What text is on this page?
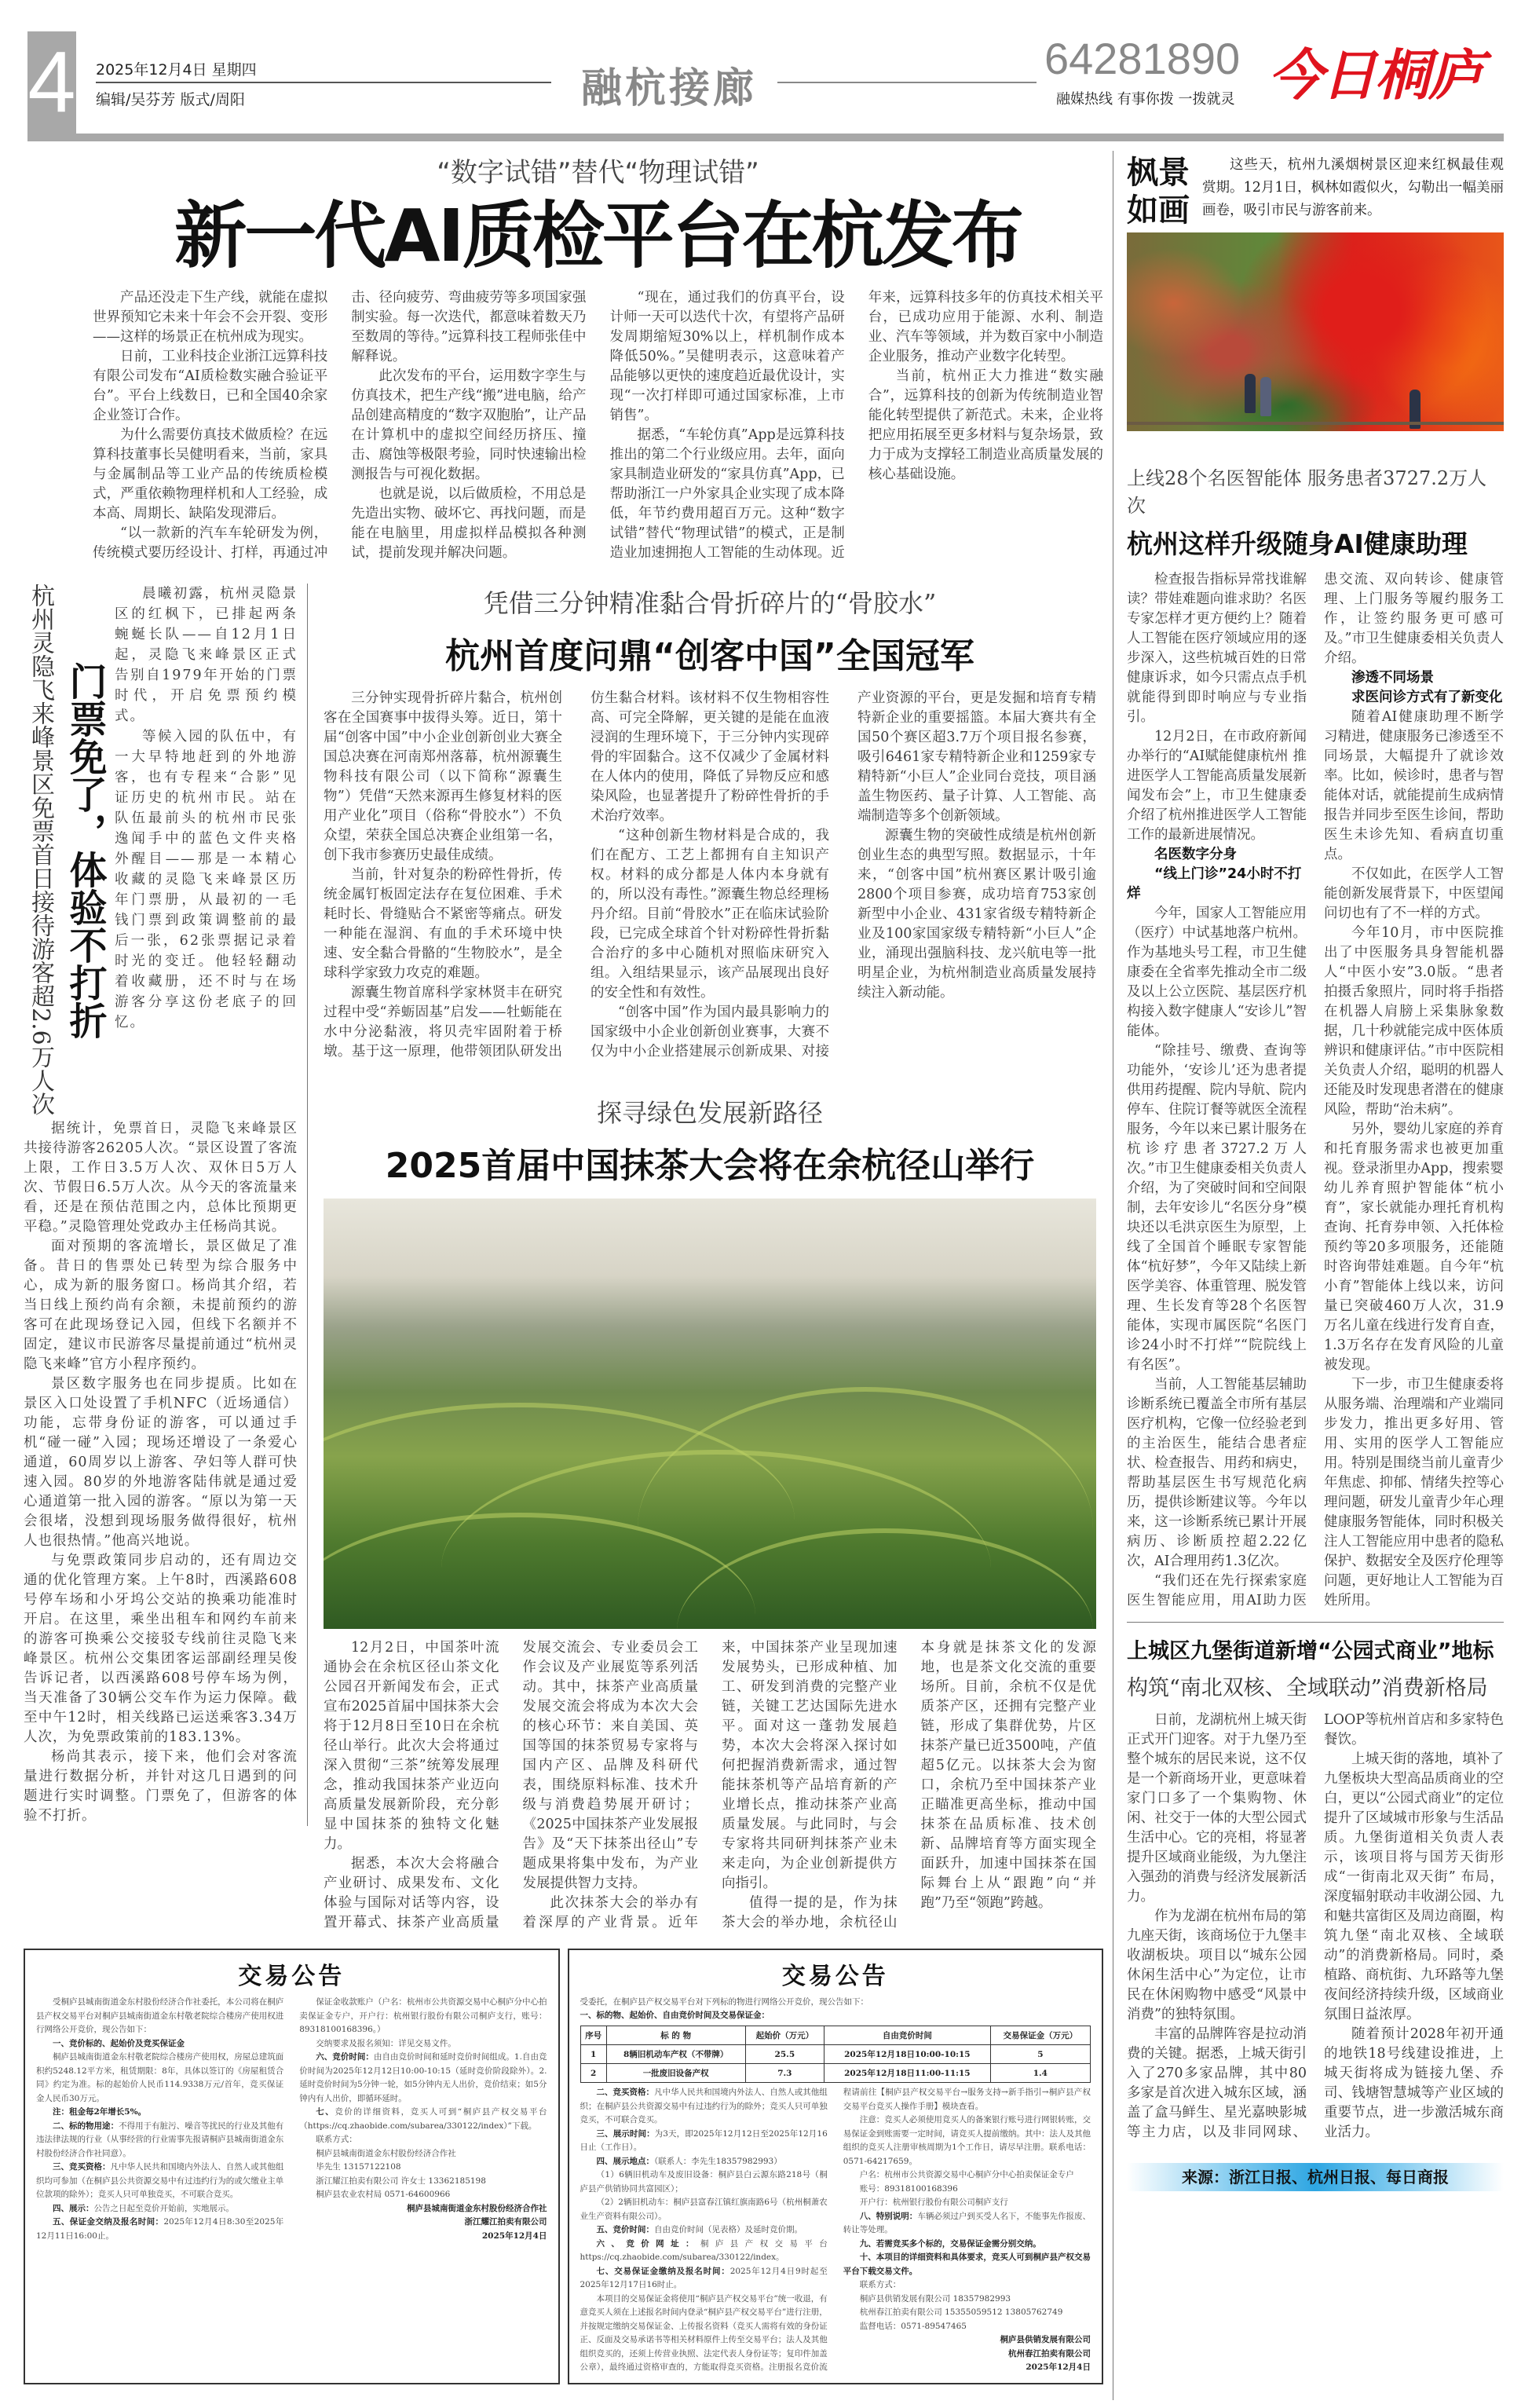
4 2025年12月4日 星期四
编辑/吴芬芳 版式/周阳	融杭接廊
64281890
融媒热线 有事你拨 一拨就灵 今日桐庐
“数字试错”替代“物理试错”
新一代AI质检平台在杭发布

产品还没走下生产线，就能在虚拟世界预知它未来十年会不会开裂、变形——这样的场景正在杭州成为现实。

日前，工业科技企业浙江远算科技有限公司发布“AI质检数实融合验证平台”。平台上线数日，已和全国40余家企业签订合作。

为什么需要仿真技术做质检？在远算科技董事长吴健明看来，当前，家具与金属制品等工业产品的传统质检模式，严重依赖物理样机和人工经验，成本高、周期长、缺陷发现滞后。

“以一款新的汽车车轮研发为例，传统模式要历经设计、打样，再通过冲击、径向疲劳、弯曲疲劳等多项国家强制实验。每一次迭代，都意味着数天乃至数周的等待。”远算科技工程师张佳中解释说。

此次发布的平台，运用数字孪生与仿真技术，把生产线“搬”进电脑，给产品创建高精度的“数字双胞胎”，让产品在计算机中的虚拟空间经历挤压、撞击、腐蚀等极限考验，同时快速输出检测报告与可视化数据。

也就是说，以后做质检，不用总是先造出实物、破坏它、再找问题，而是能在电脑里，用虚拟样品模拟各种测试，提前发现并解决问题。

“现在，通过我们的仿真平台，设计师一天可以迭代十次，有望将产品研发周期缩短30%以上，样机制作成本降低50%。”吴健明表示，这意味着产品能够以更快的速度趋近最优设计，实现“一次打样即可通过国家标准，上市销售”。

据悉，“车轮仿真”App是远算科技推出的第二个行业级应用。去年，面向家具制造业研发的“家具仿真”App，已帮助浙江一户外家具企业实现了成本降低，年节约费用超百万元。这种“数字试错”替代“物理试错”的模式，正是制造业加速拥抱人工智能的生动体现。近年来，远算科技多年的仿真技术相关平台，已成功应用于能源、水利、制造业、汽车等领域，并为数百家中小制造企业服务，推动产业数字化转型。

当前，杭州正大力推进“数实融合”，远算科技的创新为传统制造业智能化转型提供了新范式。未来，企业将把应用拓展至更多材料与复杂场景，致力于成为支撑轻工制造业高质量发展的核心基础设施。

杭州灵隐飞来峰景区免票首日接待游客超2.6万人次 门票免了，体验不打折

晨曦初露，杭州灵隐景区的红枫下，已排起两条蜿蜒长队——自12月1日起，灵隐飞来峰景区正式告别自1979年开始的门票时代，开启免票预约模式。

等候入园的队伍中，有一大早特地赶到的外地游客，也有专程来“合影”见证历史的杭州市民。站在队伍最前头的杭州市民张逸闻手中的蓝色文件夹格外醒目——那是一本精心收藏的灵隐飞来峰景区历年门票册，从最初的一毛钱门票到政策调整前的最后一张，62张票据记录着时光的变迁。他轻轻翻动着收藏册，还不时与在场游客分享这份老底子的回忆。

据统计，免票首日，灵隐飞来峰景区共接待游客26205人次。“景区设置了客流上限，工作日3.5万人次、双休日5万人次、节假日6.5万人次。从今天的客流量来看，还是在预估范围之内，总体比预期更平稳。”灵隐管理处党政办主任杨尚其说。

面对预期的客流增长，景区做足了准备。昔日的售票处已转型为综合服务中心，成为新的服务窗口。杨尚其介绍，若当日线上预约尚有余额，未提前预约的游客可在此现场登记入园，但线下名额并不固定，建议市民游客尽量提前通过“杭州灵隐飞来峰”官方小程序预约。

景区数字服务也在同步提质。比如在景区入口处设置了手机NFC（近场通信）功能，忘带身份证的游客，可以通过手机“碰一碰”入园；现场还增设了一条爱心通道，60周岁以上游客、孕妇等人群可快速入园。80岁的外地游客陆伟就是通过爱心通道第一批入园的游客。“原以为第一天会很堵，没想到现场服务做得很好，杭州人也很热情。”他高兴地说。

与免票政策同步启动的，还有周边交通的优化管理方案。上午8时，西溪路608号停车场和小牙坞公交站的换乘功能准时开启。在这里，乘坐出租车和网约车前来的游客可换乘公交接驳专线前往灵隐飞来峰景区。杭州公交集团客运部副经理吴俊告诉记者，以西溪路608号停车场为例，当天准备了30辆公交车作为运力保障。截至中午12时，相关线路已运送乘客3.34万人次，为免票政策前的183.13%。

杨尚其表示，接下来，他们会对客流量进行数据分析，并针对这几日遇到的问题进行实时调整。门票免了，但游客的体验不打折。

凭借三分钟精准黏合骨折碎片的“骨胶水”
杭州首度问鼎“创客中国”全国冠军

三分钟实现骨折碎片黏合，杭州创客在全国赛事中拔得头筹。近日，第十届“创客中国”中小企业创新创业大赛全国总决赛在河南郑州落幕，杭州源囊生物科技有限公司（以下简称“源囊生物”）凭借“天然来源再生修复材料的医用产业化”项目（俗称“骨胶水”）不负众望，荣获全国总决赛企业组第一名，创下我市参赛历史最佳成绩。

当前，针对复杂的粉碎性骨折，传统金属钉板固定法存在复位困难、手术耗时长、骨缝贴合不紧密等痛点。研发一种能在湿润、有血的手术环境中快速、安全黏合骨骼的“生物胶水”，是全球科学家致力攻克的难题。

源囊生物首席科学家林贤丰在研究过程中受“养蛎固基”启发——牡蛎能在水中分泌黏液，将贝壳牢固附着于桥墩。基于这一原理，他带领团队研发出仿生黏合材料。该材料不仅生物相容性高、可完全降解，更关键的是能在血液浸润的生理环境下，于三分钟内实现碎骨的牢固黏合。这不仅减少了金属材料在人体内的使用，降低了异物反应和感染风险，也显著提升了粉碎性骨折的手术治疗效率。

“这种创新生物材料是合成的，我们在配方、工艺上都拥有自主知识产权。材料的成分都是人体内本身就有的，所以没有毒性。”源囊生物总经理杨丹介绍。目前“骨胶水”正在临床试验阶段，已完成全球首个针对粉碎性骨折黏合治疗的多中心随机对照临床研究入组。入组结果显示，该产品展现出良好的安全性和有效性。

“创客中国”作为国内最具影响力的国家级中小企业创新创业赛事，大赛不仅为中小企业搭建展示创新成果、对接产业资源的平台，更是发掘和培育专精特新企业的重要摇篮。本届大赛共有全国50个赛区超3.7万个项目报名参赛，吸引6461家专精特新企业和1259家专精特新“小巨人”企业同台竞技，项目涵盖生物医药、量子计算、人工智能、高端制造等多个创新领域。

源囊生物的突破性成绩是杭州创新创业生态的典型写照。数据显示，十年来，“创客中国”杭州赛区累计吸引逾2800个项目参赛，成功培育753家创新型中小企业、431家省级专精特新企业及100家国家级专精特新“小巨人”企业，涌现出强脑科技、龙兴航电等一批明星企业，为杭州制造业高质量发展持续注入新动能。

探寻绿色发展新路径
2025首届中国抹茶大会将在余杭径山举行

12月2日，中国茶叶流通协会在余杭区径山茶文化公园召开新闻发布会，正式宣布2025首届中国抹茶大会将于12月8日至10日在余杭径山举行。此次大会将通过深入贯彻“三茶”统筹发展理念，推动我国抹茶产业迈向高质量发展新阶段，充分彰显中国抹茶的独特文化魅力。

据悉，本次大会将融合产业研讨、成果发布、文化体验与国际对话等内容，设置开幕式、抹茶产业高质量发展交流会、专业委员会工作会议及产业展览等系列活动。其中，抹茶产业高质量发展交流会将成为本次大会的核心环节：来自美国、英国等国的抹茶贸易专家将与国内产区、品牌及科研代表，围绕原料标准、技术升级与消费趋势展开研讨；《2025中国抹茶产业发展报告》及“天下抹茶出径山”专题成果将集中发布，为产业发展提供智力支持。

此次抹茶大会的举办有着深厚的产业背景。近年来，中国抹茶产业呈现加速发展势头，已形成种植、加工、研发到消费的完整产业链，关键工艺达国际先进水平。面对这一蓬勃发展趋势，本次大会将深入探讨如何把握消费新需求，通过智能抹茶机等产品培育新的产业增长点，推动抹茶产业高质量发展。与此同时，与会专家将共同研判抹茶产业未来走向，为企业创新提供方向指引。

值得一提的是，作为抹茶大会的举办地，余杭径山本身就是抹茶文化的发源地，也是茶文化交流的重要场所。目前，余杭不仅是优质茶产区，还拥有完整产业链，形成了集群优势，片区抹茶产量已近3500吨，产值超5亿元。以抹茶大会为窗口，余杭乃至中国抹茶产业正瞄准更高坐标，推动中国抹茶在品质标准、技术创新、品牌培育等方面实现全面跃升，加速中国抹茶在国际舞台上从“跟跑”向“并跑”乃至“领跑”跨越。

交易公告

受桐庐县城南街道金东村股份经济合作社委托，本公司将在桐庐县产权交易平台对桐庐县城南街道金东村敬老院综合楼房产使用权进行网络公开竞价，现公告如下：

一、竞价标的、起始价及竞买保证金

桐庐县城南街道金东村敬老院综合楼房产使用权，房屋总建筑面积约5248.12平方米，租赁期限：8年，具体以签订的《房屋租赁合同》约定为准。标的起始价人民币114.9338万元/首年，竞买保证金人民币30万元。

注：租金每2年增长5%。

二、标的物用途：不得用于有脏污、噪音等扰民的行业及其他有违法律法规的行业（从事经营的行业需事先报请桐庐县城南街道金东村股份经济合作社同意）。

三、竞买资格：凡中华人民共和国境内外法人、自然人或其他组织均可参加（在桐庐县公共资源交易中有过违约行为的或欠缴业主单位款项的除外）；竞买人只可单独竞买，不可联合竞买。

四、展示：公告之日起至竞价开始前，实地展示。

五、保证金交纳及报名时间：2025年12月4日8:30至2025年12月11日16:00止。

保证金收款账户（户名：杭州市公共资源交易中心桐庐分中心拍卖保证金专户，开户行：杭州银行股份有限公司桐庐支行，账号：89318100168396。）

交纳要求及报名须知：详见交易文件。

六、竞价时间：由自由竞价时间和延时竞价时间组成。1.自由竞价时间为2025年12月12日10:00-10:15（延时竞价阶段除外）。2.延时竞价时间为5分钟一轮，如5分钟内无人出价，竞价结束；如5分钟内有人出价，即循环延时。

七、竞价的详细资料，竞买人可到“桐庐县产权交易平台（https://cq.zhaobide.com/subarea/330122/index）”下载。

联系方式：

桐庐县城南街道金东村股份经济合作社

毕先生 13157122108

浙江耀江拍卖有限公司 许女士 13362185198

桐庐县农业农村局 0571-64600966

桐庐县城南街道金东村股份经济合作社

浙江耀江拍卖有限公司

2025年12月4日

交易公告

受委托，在桐庐县产权交易平台对下列标的物进行网络公开竞价，现公告如下：

一、标的物、起始价、自由竞价时间及交易保证金：

序号	标 的 物	起始价（万元）	自由竞价时间	交易保证金（万元）
1	8辆旧机动车产权（不带牌）	25.5	2025年12月18日10:00-10:15	5
2	一批废旧设备产权	7.3	2025年12月18日11:00-11:15	1.4

二、竞买资格：凡中华人民共和国境内外法人、自然人或其他组织；在桐庐县公共资源交易中有过违约行为的除外；竞买人只可单独竞买，不可联合竞买。

三、展示时间：为3天，即2025年12月12日至2025年12月16日止（工作日）。

四、展示地点：（联系人：李先生18357982993）

（1）6辆旧机动车及废旧设备：桐庐县白云源东路218号（桐庐县产供销协同共富园区）；

（2）2辆旧机动车：桐庐县富春江镇红旗南路6号（杭州桐萧农业生产资料有限公司）。

五、竞价时间：自由竞价时间（见表格）及延时竞价期。

六、竞价网址：桐庐县产权交易平台https://cq.zhaobide.com/subarea/330122/index。

七、交易保证金缴纳及报名时间：2025年12月4日9时起至2025年12月17日16时止。

本项目的交易保证金将使用“桐庐县产权交易平台”统一收退，有意竞买人须在上述报名时间内登录“桐庐县产权交易平台”进行注册，并按规定缴纳交易保证金、上传报名资料（竞买人需将有效的身份证正、反面及交易承诺书等相关材料原件上传至交易平台；法人及其他组织竞买的，还须上传营业执照、法定代表人身份证等；复印件加盖公章），最终通过资格审查的，方能取得竞买资格。注册报名竞价流程请前往【桐庐县产权交易平台→服务支持→新手指引→桐庐县产权交易平台竞买人操作手册】模块查看。

注意：竞买人必须使用竞买人的备案银行账号进行网银转账，交易保证金到账需要一定时间，请竞买人提前缴纳。其中：法人及其他组织的竞买人注册审核周期为1个工作日，请尽早注册。联系电话：0571-64217659。

户名：杭州市公共资源交易中心桐庐分中心拍卖保证金专户

账号：89318100168396

开户行：杭州银行股份有限公司桐庐支行

八、特别说明：车辆必须过户到买受人名下，不能事先作报废、转让等处理。

九、若需竞买多个标的，交易保证金需分别交纳。

十、本项目的详细资料和具体要求，竞买人可到桐庐县产权交易平台下载交易文件。

联系方式：

桐庐县供销发展有限公司 18357982993

杭州春江拍卖有限公司 15355059512 13805762749

监督电话：0571-89547465

桐庐县供销发展有限公司

杭州春江拍卖有限公司

2025年12月4日

枫景如画
这些天，杭州九溪烟树景区迎来红枫最佳观赏期。12月1日，枫林如霞似火，勾勒出一幅美丽画卷，吸引市民与游客前来。
上线28个名医智能体 服务患者3727.2万人次
杭州这样升级随身AI健康助理

检查报告指标异常找谁解读？带娃难题向谁求助？名医专家怎样才更方便约上？随着人工智能在医疗领域应用的逐步深入，这些杭城百姓的日常健康诉求，如今只需点点手机就能得到即时响应与专业指引。

12月2日，在市政府新闻办举行的“AI赋能健康杭州 推进医学人工智能高质量发展新闻发布会”上，市卫生健康委介绍了杭州推进医学人工智能工作的最新进展情况。

名医数字分身
“线上门诊”24小时不打烊

今年，国家人工智能应用（医疗）中试基地落户杭州。作为基地头号工程，市卫生健康委在全省率先推动全市二级及以上公立医院、基层医疗机构接入数字健康人“安诊儿”智能体。

“除挂号、缴费、查询等功能外，‘安诊儿’还为患者提供用药提醒、院内导航、院内停车、住院订餐等就医全流程服务，今年以来已累计服务在杭诊疗患者3727.2万人次。”市卫生健康委相关负责人介绍，为了突破时间和空间限制，去年安诊儿“名医分身”模块还以毛洪京医生为原型，上线了全国首个睡眠专家智能体“杭好梦”，今年又陆续上新医学美容、体重管理、脱发管理、生长发育等28个名医智能体，实现市属医院“名医门诊24小时不打烊”“院院线上有名医”。

当前，人工智能基层辅助诊断系统已覆盖全市所有基层医疗机构，它像一位经验老到的主治医生，能结合患者症状、检查报告、用药和病史，帮助基层医生书写规范化病历，提供诊断建议等。今年以来，这一诊断系统已累计开展病历、诊断质控超2.22亿次，AI合理用药1.3亿次。

“我们还在先行探索家庭医生智能应用，用AI助力医患交流、双向转诊、健康管理、上门服务等履约服务工作，让签约服务更可感可及。”市卫生健康委相关负责人介绍。

渗透不同场景
求医问诊方式有了新变化

随着AI健康助理不断学习精进，健康服务已渗透至不同场景，大幅提升了就诊效率。比如，候诊时，患者与智能体对话，就能提前生成病情报告并同步至医生诊间，帮助医生未诊先知、看病直切重点。

不仅如此，在医学人工智能创新发展背景下，中医望闻问切也有了不一样的方式。

今年10月，市中医院推出了中医服务具身智能机器人“中医小安”3.0版。“患者拍摄舌象照片，同时将手指搭在机器人肩膀上采集脉象数据，几十秒就能完成中医体质辨识和健康评估。”市中医院相关负责人介绍，聪明的机器人还能及时发现患者潜在的健康风险，帮助“治未病”。

另外，婴幼儿家庭的养育和托育服务需求也被更加重视。登录浙里办App，搜索婴幼儿养育照护智能体“杭小育”，家长就能办理托育机构查询、托育券申领、入托体检预约等20多项服务，还能随时咨询带娃难题。自今年“杭小育”智能体上线以来，访问量已突破460万人次，31.9万名儿童在线进行发育自查，1.3万名存在发育风险的儿童被发现。

下一步，市卫生健康委将从服务端、治理端和产业端同步发力，推出更多好用、管用、实用的医学人工智能应用。特别是围绕当前儿童青少年焦虑、抑郁、情绪失控等心理问题，研发儿童青少年心理健康服务智能体，同时积极关注人工智能应用中患者的隐私保护、数据安全及医疗伦理等问题，更好地让人工智能为百姓所用。

上城区九堡街道新增“公园式商业”地标
构筑“南北双核、全域联动”消费新格局

日前，龙湖杭州上城天街正式开门迎客。对于九堡乃至整个城东的居民来说，这不仅是一个新商场开业，更意味着家门口多了一个集购物、休闲、社交于一体的大型公园式生活中心。它的亮相，将显著提升区域商业能级，为九堡注入强劲的消费与经济发展新活力。

作为龙湖在杭州布局的第九座天街，该商场位于九堡丰收湖板块。项目以“城东公园休闲生活中心”为定位，让市民在休闲购物中感受“风景中消费”的独特氛围。

丰富的品牌阵容是拉动消费的关键。据悉，上城天街引入了270多家品牌，其中80多家是首次进入城东区域，涵盖了盒马鲜生、星光嘉映影城等主力店，以及非同网球、LOOP等杭州首店和多家特色餐饮。

上城天街的落地，填补了九堡板块大型高品质商业的空白，更以“公园式商业”的定位提升了区域城市形象与生活品质。九堡街道相关负责人表示，该项目将与国芳天街形成“一街南北双天街” 布局，深度辐射联动丰收湖公园、九和魅共富街区及周边商圈，构筑九堡“南北双核、全域联动”的消费新格局。同时，桑植路、商杭街、九环路等九堡夜间经济持续升级，区域商业氛围日益浓厚。

随着预计2028年初开通的地铁18号线建设推进，上城天街将成为链接九堡、乔司、钱塘智慧城等产业区域的重要节点，进一步激活城东商业活力。

来源：浙江日报、杭州日报、每日商报
